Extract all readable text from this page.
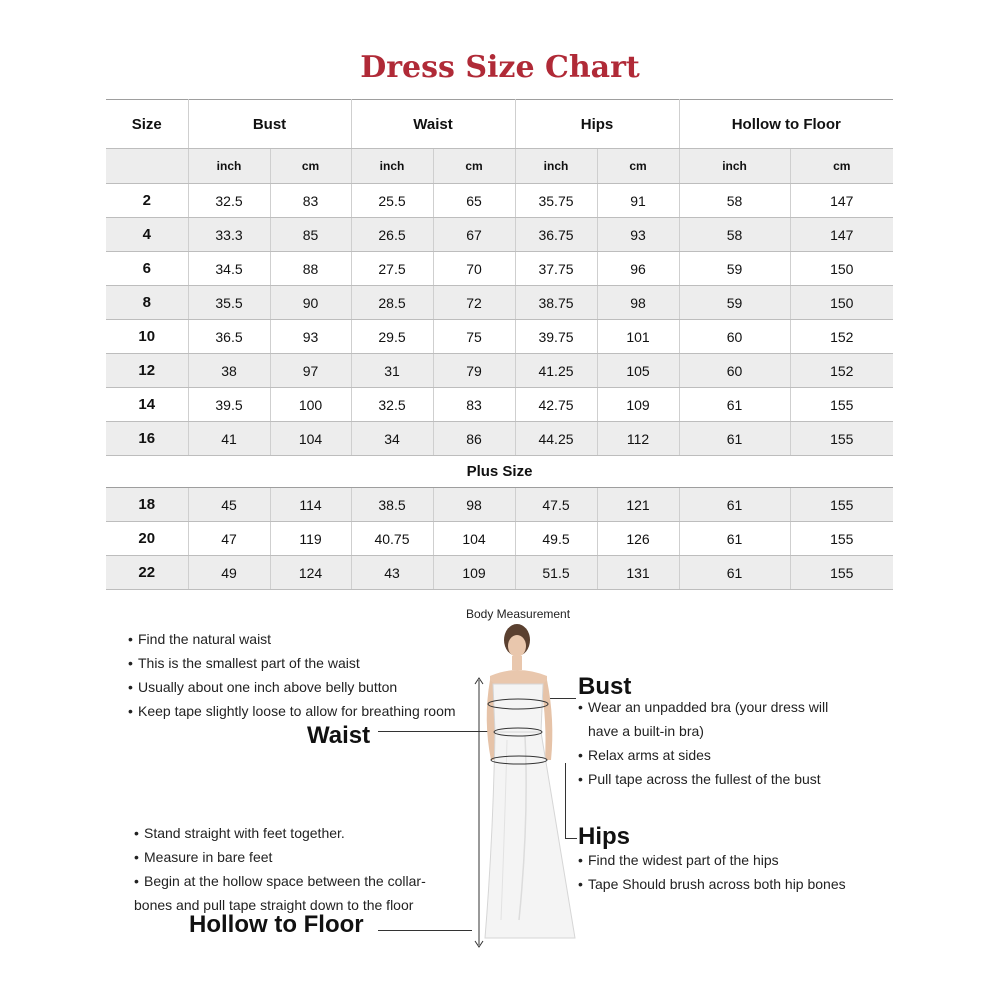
Dress Size Chart
Size	Bust		Waist		Hips		Hollow to Floor	
	inch	cm	inch	cm	inch	cm	inch	cm
2	32.5	83	25.5	65	35.75	91	58	147
4	33.3	85	26.5	67	36.75	93	58	147
6	34.5	88	27.5	70	37.75	96	59	150
8	35.5	90	28.5	72	38.75	98	59	150
10	36.5	93	29.5	75	39.75	101	60	152
12	38	97	31	79	41.25	105	60	152
14	39.5	100	32.5	83	42.75	109	61	155
16	41	104	34	86	44.25	112	61	155
Plus Size								
18	45	114	38.5	98	47.5	121	61	155
20	47	119	40.75	104	49.5	126	61	155
22	49	124	43	109	51.5	131	61	155
Body Measurement
• Find the natural waist
• This is the smallest part of the waist
• Usually about one inch above belly button
• Keep tape slightly loose to allow for breathing room
Waist
Bust
• Wear an unpadded bra (your dress will
have a built-in bra)
• Relax arms at sides
• Pull tape across the fullest of the bust
Hips
• Find the widest part of the hips
• Tape Should brush across both hip bones
• Stand straight with feet together.
• Measure in bare feet
• Begin at the hollow space between the collar-
bones and pull tape straight down to the floor
Hollow to Floor
